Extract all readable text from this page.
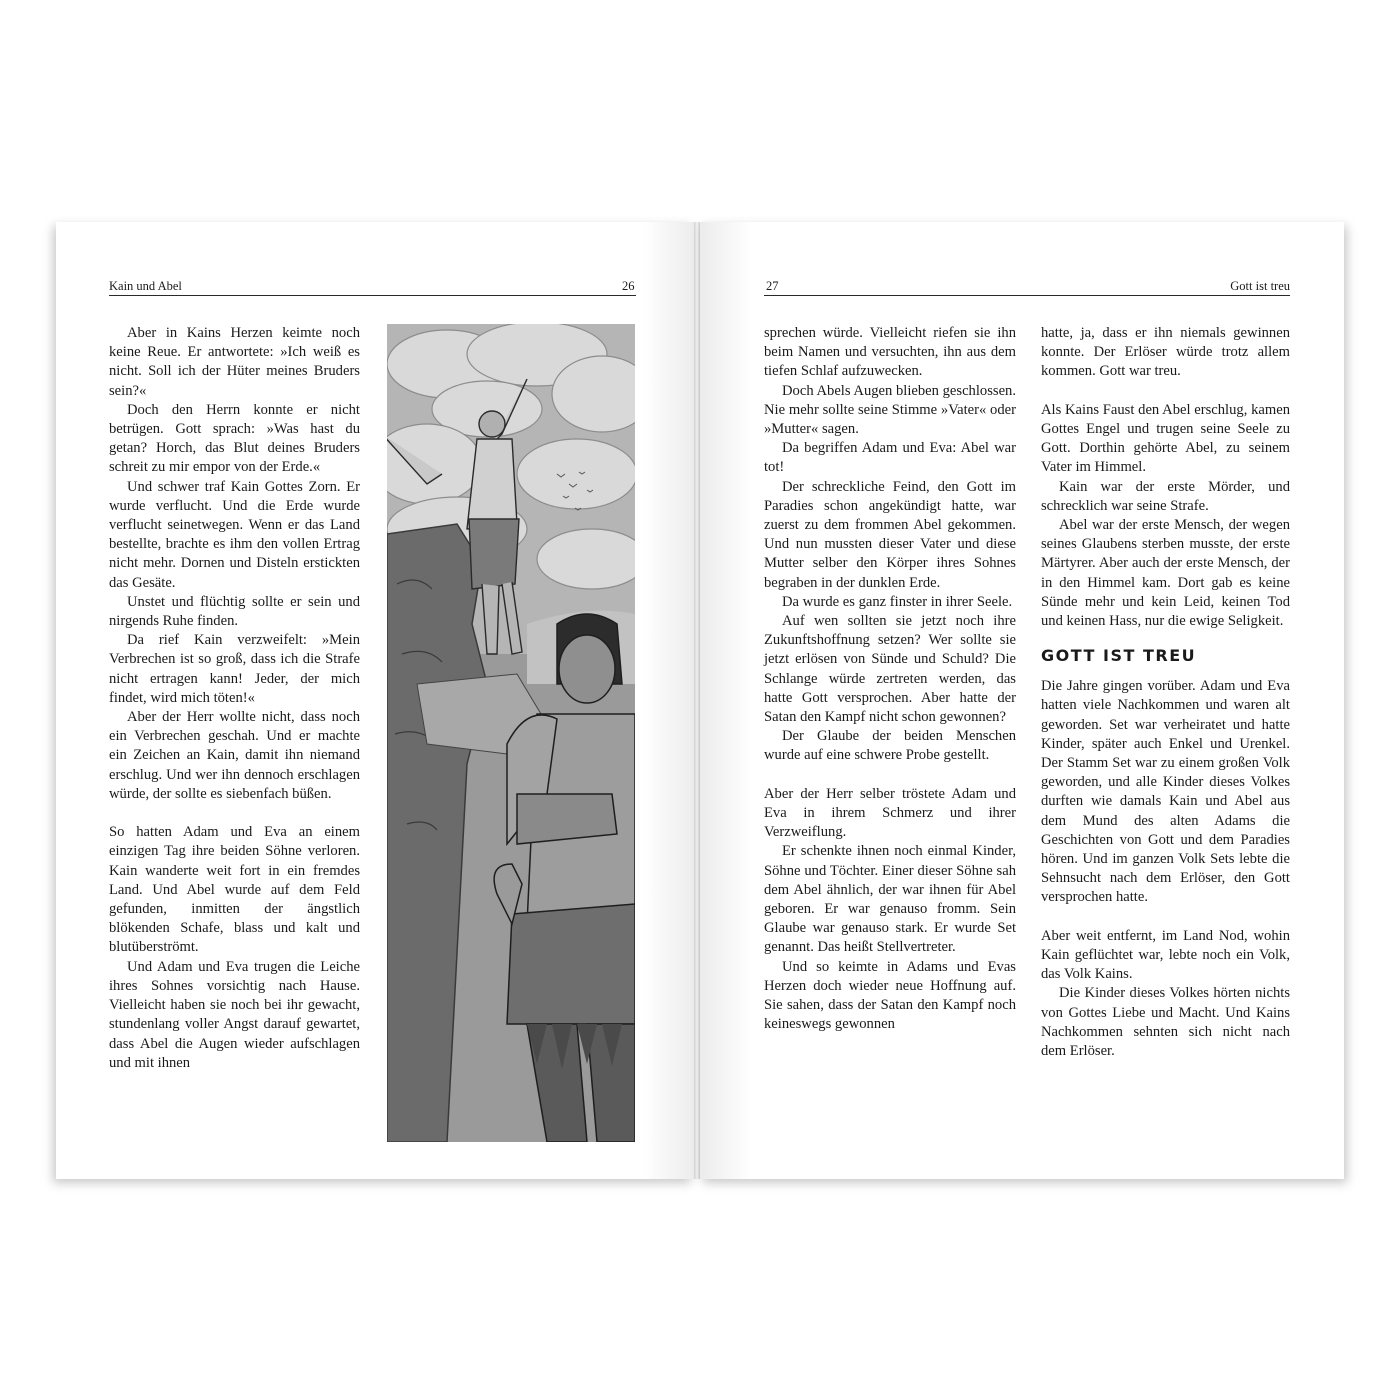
Kain und Abel	26

Aber in Kains Herzen keimte noch keine Reue. Er antwortete: »Ich weiß es nicht. Soll ich der Hüter meines Bruders sein?«

Doch den Herrn konnte er nicht betrügen. Gott sprach: »Was hast du getan? Horch, das Blut deines Bruders schreit zu mir empor von der Erde.«

Und schwer traf Kain Gottes Zorn. Er wurde verflucht. Und die Erde wurde verflucht seinetwegen. Wenn er das Land bestellte, brachte es ihm den vollen Ertrag nicht mehr. Dornen und Disteln erstickten das Gesäte.

Unstet und flüchtig sollte er sein und nirgends Ruhe finden.

Da rief Kain verzweifelt: »Mein Verbrechen ist so groß, dass ich die Strafe nicht ertragen kann! Jeder, der mich findet, wird mich töten!«

Aber der Herr wollte nicht, dass noch ein Verbrechen geschah. Und er machte ein Zeichen an Kain, damit ihn niemand erschlug. Und wer ihn dennoch erschlagen würde, der sollte es siebenfach büßen.

So hatten Adam und Eva an einem einzigen Tag ihre beiden Söhne verloren. Kain wanderte weit fort in ein fremdes Land. Und Abel wurde auf dem Feld gefunden, inmitten der ängstlich blökenden Schafe, blass und kalt und blutüberströmt.

Und Adam und Eva trugen die Leiche ihres Sohnes vorsichtig nach Hause. Vielleicht haben sie noch bei ihr gewacht, stundenlang voller Angst darauf gewartet, dass Abel die Augen wieder aufschlagen und mit ihnen

27	Gott ist treu

sprechen würde. Vielleicht riefen sie ihn beim Namen und versuchten, ihn aus dem tiefen Schlaf aufzuwecken.

Doch Abels Augen blieben geschlossen. Nie mehr sollte seine Stimme »Vater« oder »Mutter« sagen.

Da begriffen Adam und Eva: Abel war tot!

Der schreckliche Feind, den Gott im Paradies schon angekündigt hatte, war zuerst zu dem frommen Abel gekommen. Und nun mussten dieser Vater und diese Mutter selber den Körper ihres Sohnes begraben in der dunklen Erde.

Da wurde es ganz finster in ihrer Seele.

Auf wen sollten sie jetzt noch ihre Zukunftshoffnung setzen? Wer sollte sie jetzt erlösen von Sünde und Schuld? Die Schlange würde zertreten werden, das hatte Gott versprochen. Aber hatte der Satan den Kampf nicht schon gewonnen?

Der Glaube der beiden Menschen wurde auf eine schwere Probe gestellt.

Aber der Herr selber tröstete Adam und Eva in ihrem Schmerz und ihrer Verzweiflung.

Er schenkte ihnen noch einmal Kinder, Söhne und Töchter. Einer dieser Söhne sah dem Abel ähnlich, der war ihnen für Abel geboren. Er war genauso fromm. Sein Glaube war genauso stark. Er wurde Set genannt. Das heißt Stellvertreter.

Und so keimte in Adams und Evas Herzen doch wieder neue Hoffnung auf. Sie sahen, dass der Satan den Kampf noch keineswegs gewonnen

hatte, ja, dass er ihn niemals gewinnen konnte. Der Erlöser würde trotz allem kommen. Gott war treu.

Als Kains Faust den Abel erschlug, kamen Gottes Engel und trugen seine Seele zu Gott. Dorthin gehörte Abel, zu seinem Vater im Himmel.

Kain war der erste Mörder, und schrecklich war seine Strafe.

Abel war der erste Mensch, der wegen seines Glaubens sterben musste, der erste Märtyrer. Aber auch der erste Mensch, der in den Himmel kam. Dort gab es keine Sünde mehr und kein Leid, keinen Tod und keinen Hass, nur die ewige Seligkeit.

GOTT IST TREU

Die Jahre gingen vorüber. Adam und Eva hatten viele Nachkommen und waren alt geworden. Set war verheiratet und hatte Kinder, später auch Enkel und Urenkel. Der Stamm Set war zu einem großen Volk geworden, und alle Kinder dieses Volkes durften wie damals Kain und Abel aus dem Mund des alten Adams die Geschichten von Gott und dem Paradies hören. Und im ganzen Volk Sets lebte die Sehnsucht nach dem Erlöser, den Gott versprochen hatte.

Aber weit entfernt, im Land Nod, wohin Kain geflüchtet war, lebte noch ein Volk, das Volk Kains.

Die Kinder dieses Volkes hörten nichts von Gottes Liebe und Macht. Und Kains Nachkommen sehnten sich nicht nach dem Erlöser.
